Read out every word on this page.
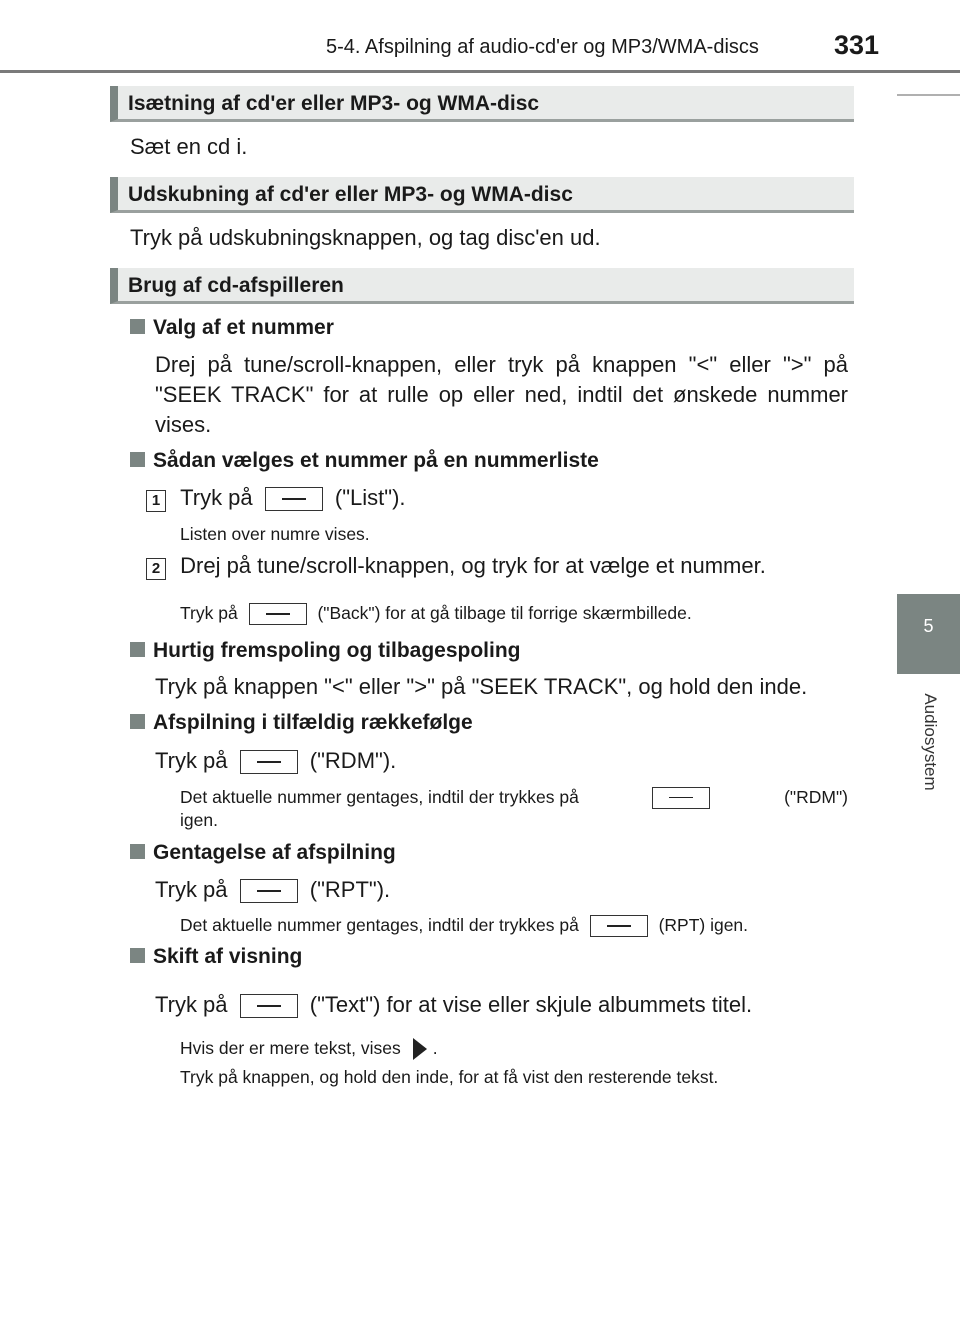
5-4. Afspilning af audio-cd'er og MP3/WMA-discs	331
5
Audiosystem
Isætning af cd'er eller MP3- og WMA-disc
Sæt en cd i.
Udskubning af cd'er eller MP3- og WMA-disc
Tryk på udskubningsknappen, og tag disc'en ud.
Brug af cd-afspilleren
Valg af et nummer
Drej på tune/scroll-knappen, eller tryk på knappen "<" eller ">" på "SEEK TRACK" for at rulle op eller ned, indtil det ønskede nummer vises.
Sådan vælges et nummer på en nummerliste
1 Tryk på	("List").
Listen over numre vises.
2 Drej på tune/scroll-knappen, og tryk for at vælge et nummer.
Tryk på	("Back") for at gå tilbage til forrige skærmbillede.
Hurtig fremspoling og tilbagespoling
Tryk på knappen "<" eller ">" på "SEEK TRACK", og hold den inde.
Afspilning i tilfældig rækkefølge
Tryk på	("RDM").
Det aktuelle nummer gentages, indtil der trykkes på	("RDM")
igen.
Gentagelse af afspilning
Tryk på	("RPT").
Det aktuelle nummer gentages, indtil der trykkes på	(RPT) igen.
Skift af visning
Tryk på	("Text") for at vise eller skjule albummets titel.
Hvis der er mere tekst, vises .
Tryk på knappen, og hold den inde, for at få vist den resterende tekst.
